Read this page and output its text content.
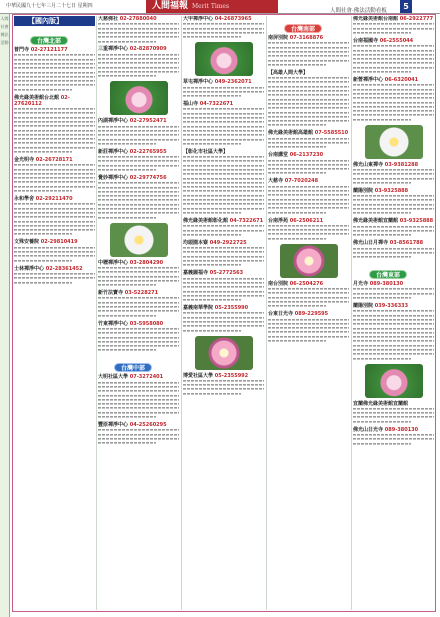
中華民國九十七年三月二十七日 星期四	人間福報 Merit Times
人間社會·佛法活動看板	5
人間
社會
佛法
活動
【國內版】
台灣北部
普門寺 02-27121177
佛光緣美術館台北館 02-27620112
金光明寺 02-26728171
永和學舍 02-29211470
文殊安養院 02-29810419
士林禪淨中心 02-28361452
大慈佛社 02-27880040
三重禪淨中心 02-82870909
內湖禪淨中心 02-27952471
新莊禪淨中心 02-22765955
覺妙禪淨中心 02-29774756
中壢禪淨中心 03-2804290
新竹法寶寺 03-5228271
竹東禪淨中心 03-5958080
台灣中部
大明社區大學 07-3272401
豐原禪淨中心 04-25260295
大甲禪淨中心 04-26873965
草屯禪淨中心 049-2362071
福山寺 04-7322671
【彰化市社區大學】
佛光緣美術館彰化館 04-7322671
均頭園本寮 049-2922725
嘉義圓福寺 05-2772563
嘉義南華學院 05-2355990
博愛社區大學 05-2355992
台灣南部
南屏別院 07-3168876
【高雄人間大學】
佛光緣美術館高雄館 07-5585510
台南講堂 06-2137230
大慈寺 07-7020248
台南淨苑 06-2506211
南台別院 06-2504276
台東日光寺 089-229595
佛光緣美術館台南館 06-2922777
台南福國寺 06-2555044
新營禪淨中心 06-6320041
佛光山東禪寺 03-9381288
蘭陽別院 03-9325888
佛光緣美術館宜蘭館 03-9325888
佛光山日月禪寺 03-8561788
台灣東部
月光寺 089-380130
蘭陽別院 039-336333
宜蘭佛光緣美術館宜蘭館
佛光山日光寺 089-380130
